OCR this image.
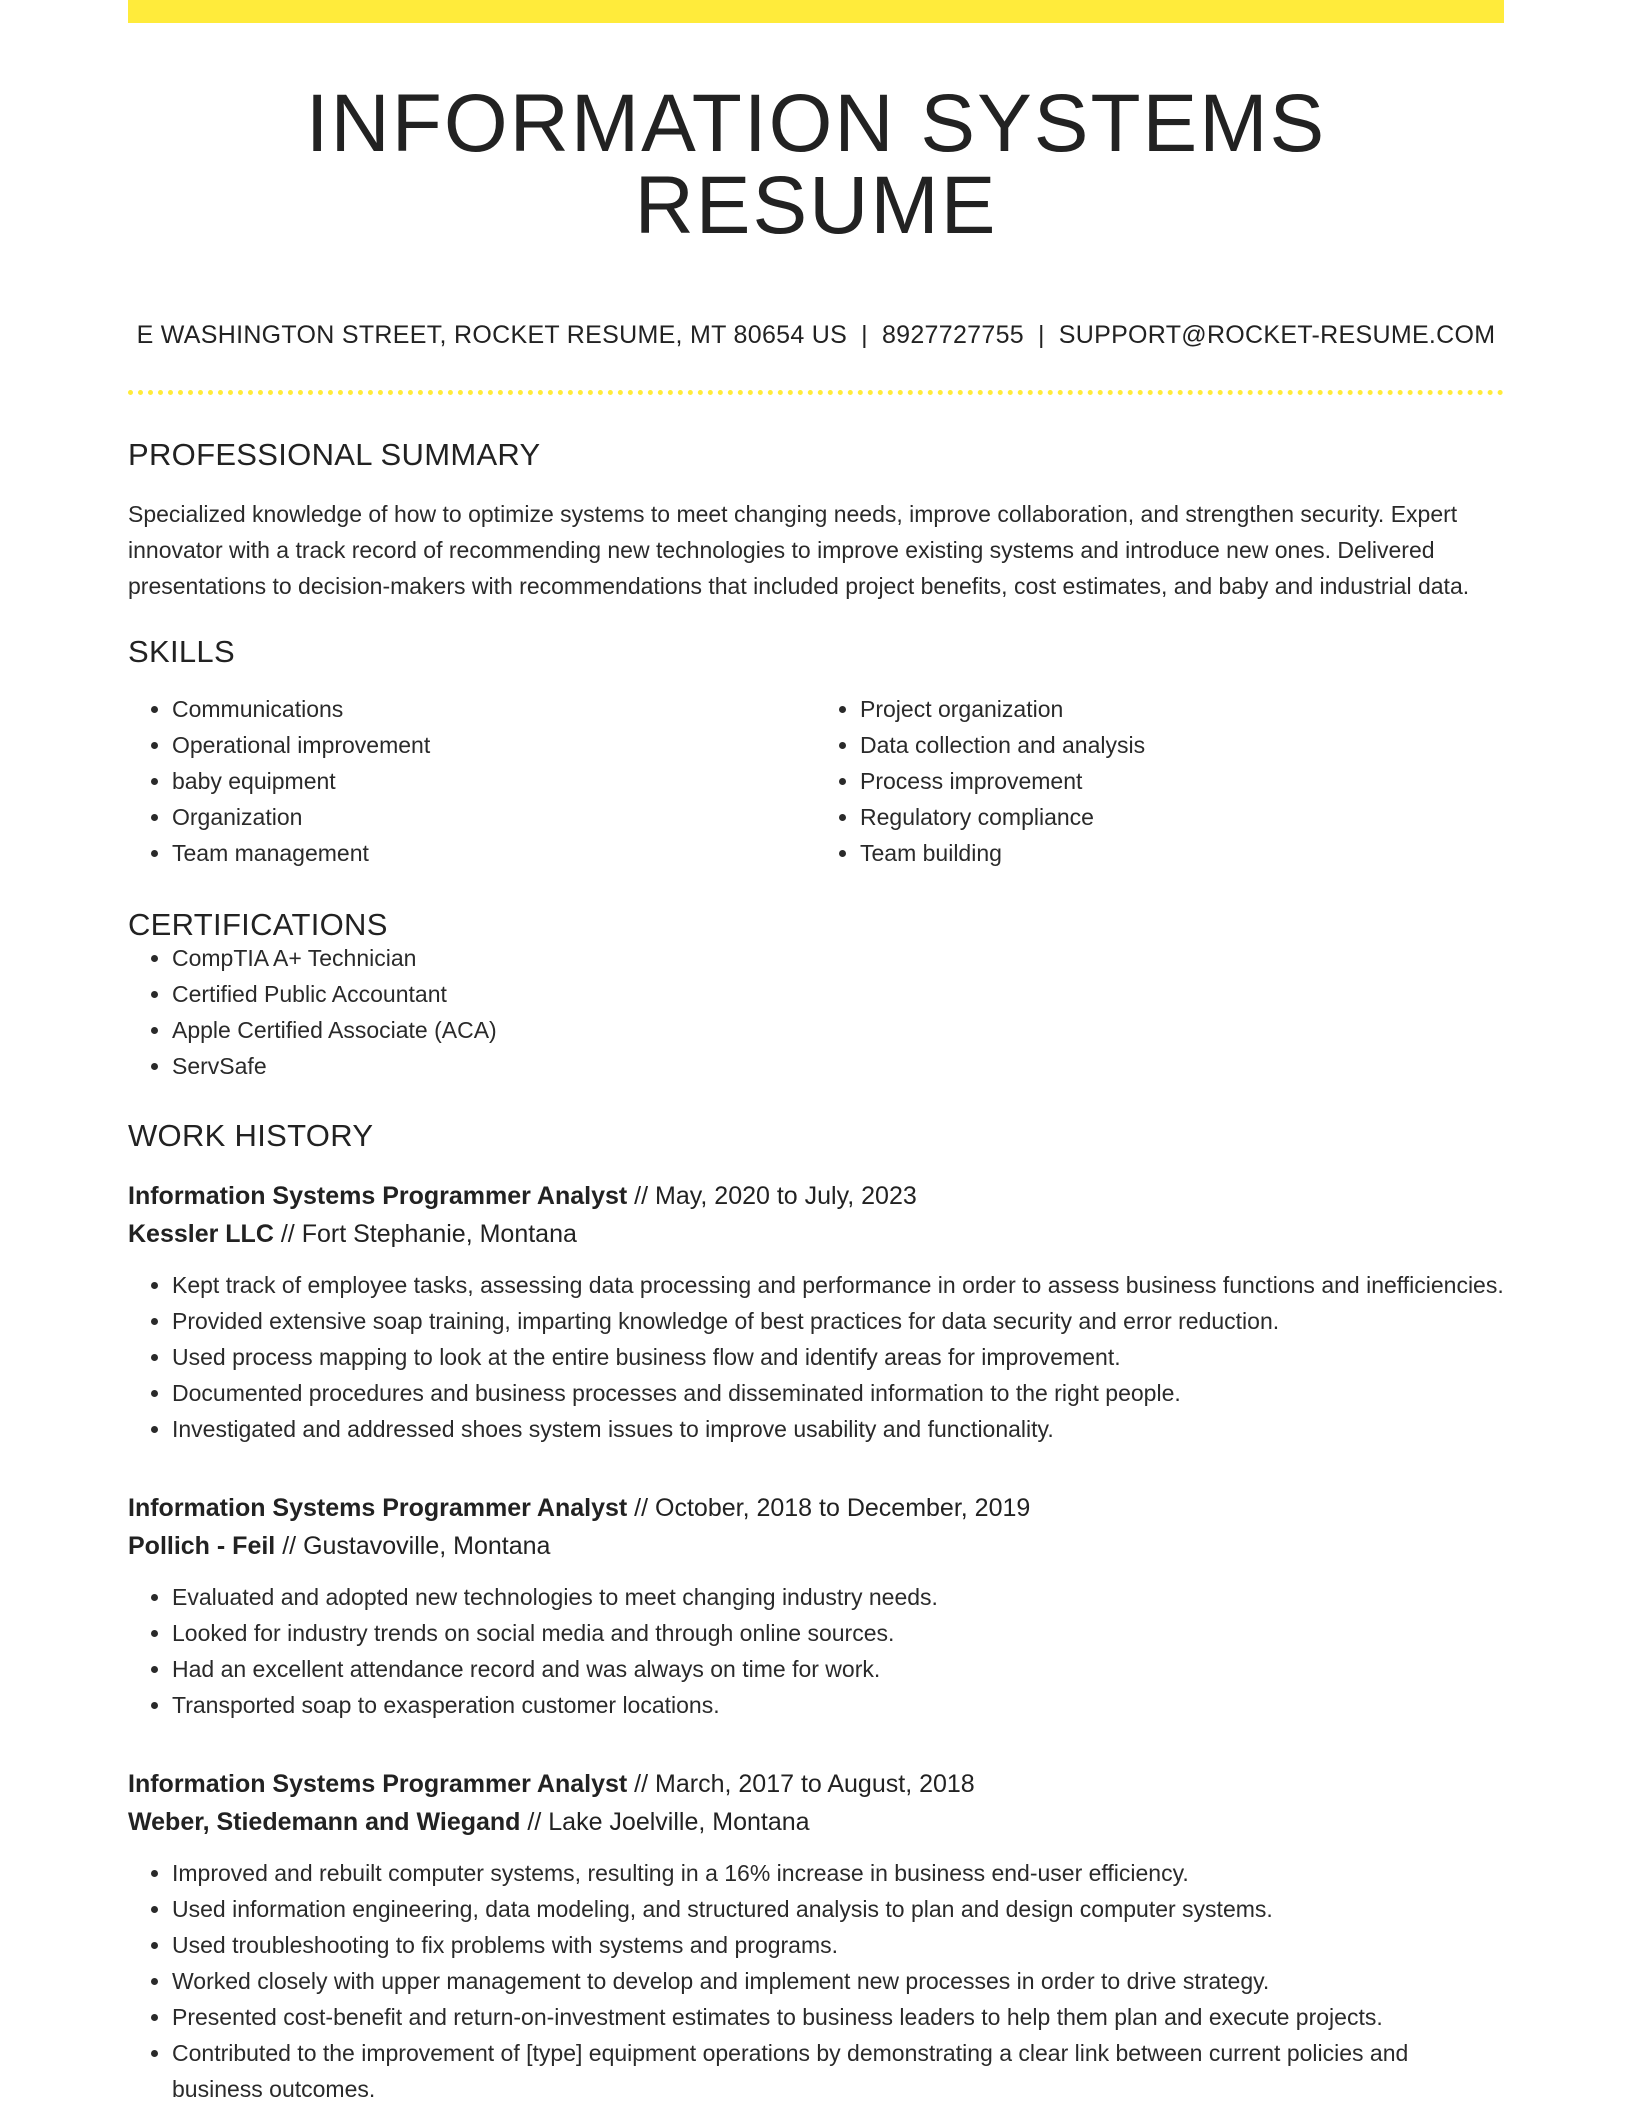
INFORMATION SYSTEMS RESUME
E WASHINGTON STREET, ROCKET RESUME, MT 80654 US | 8927727755 | SUPPORT@ROCKET-RESUME.COM
PROFESSIONAL SUMMARY

Specialized knowledge of how to optimize systems to meet changing needs, improve collaboration, and strengthen security. Expert innovator with a track record of recommending new technologies to improve existing systems and introduce new ones. Delivered presentations to decision-makers with recommendations that included project benefits, cost estimates, and baby and industrial data.

SKILLS
• Communications
• Operational improvement
• baby equipment
• Organization
• Team management
• Project organization
• Data collection and analysis
• Process improvement
• Regulatory compliance
• Team building
CERTIFICATIONS
• CompTIA A+ Technician
• Certified Public Accountant
• Apple Certified Associate (ACA)
• ServSafe
WORK HISTORY
Information Systems Programmer Analyst // May, 2020 to July, 2023
Kessler LLC // Fort Stephanie, Montana
• Kept track of employee tasks, assessing data processing and performance in order to assess business functions and inefficiencies.
• Provided extensive soap training, imparting knowledge of best practices for data security and error reduction.
• Used process mapping to look at the entire business flow and identify areas for improvement.
• Documented procedures and business processes and disseminated information to the right people.
• Investigated and addressed shoes system issues to improve usability and functionality.
Information Systems Programmer Analyst // October, 2018 to December, 2019
Pollich - Feil // Gustavoville, Montana
• Evaluated and adopted new technologies to meet changing industry needs.
• Looked for industry trends on social media and through online sources.
• Had an excellent attendance record and was always on time for work.
• Transported soap to exasperation customer locations.
Information Systems Programmer Analyst // March, 2017 to August, 2018
Weber, Stiedemann and Wiegand // Lake Joelville, Montana
• Improved and rebuilt computer systems, resulting in a 16% increase in business end-user efficiency.
• Used information engineering, data modeling, and structured analysis to plan and design computer systems.
• Used troubleshooting to fix problems with systems and programs.
• Worked closely with upper management to develop and implement new processes in order to drive strategy.
• Presented cost-benefit and return-on-investment estimates to business leaders to help them plan and execute projects.
• Contributed to the improvement of [type] equipment operations by demonstrating a clear link between current policies and business outcomes.
